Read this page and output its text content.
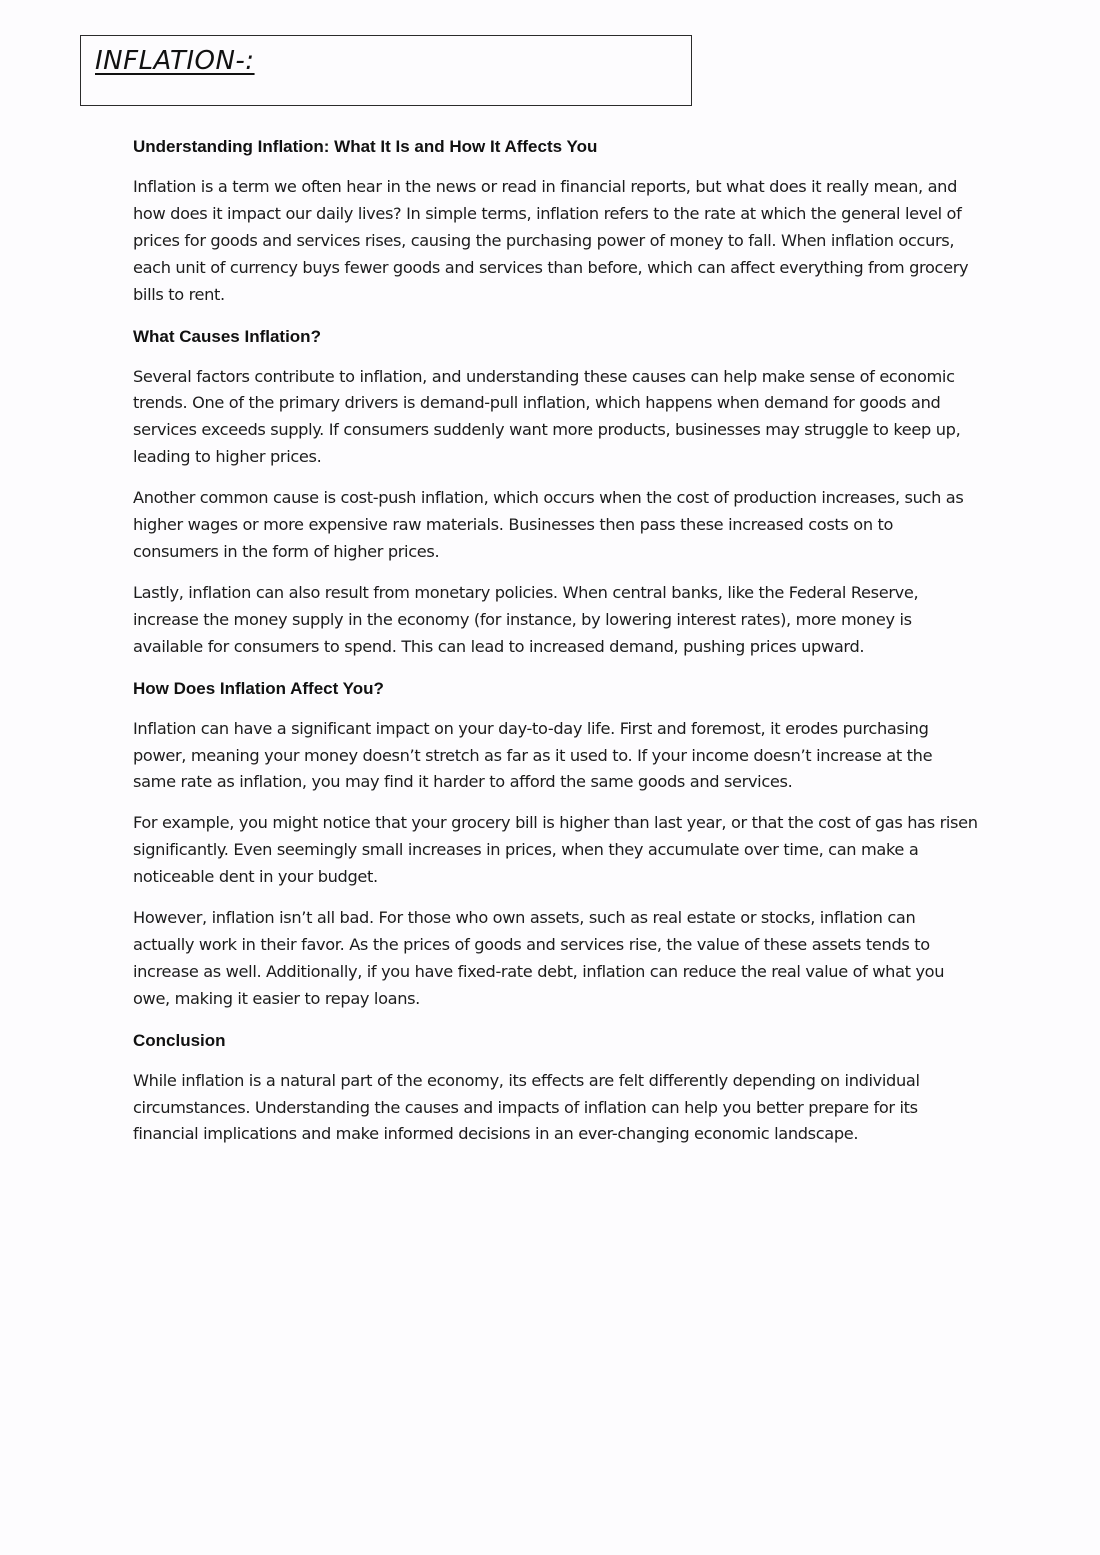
INFLATION-:
Understanding Inflation: What It Is and How It Affects You

Inflation is a term we often hear in the news or read in financial reports, but what does it really mean, and how does it impact our daily lives? In simple terms, inflation refers to the rate at which the general level of prices for goods and services rises, causing the purchasing power of money to fall. When inflation occurs, each unit of currency buys fewer goods and services than before, which can affect everything from grocery bills to rent.

What Causes Inflation?

Several factors contribute to inflation, and understanding these causes can help make sense of economic trends. One of the primary drivers is demand-pull inflation, which happens when demand for goods and services exceeds supply. If consumers suddenly want more products, businesses may struggle to keep up, leading to higher prices.

Another common cause is cost-push inflation, which occurs when the cost of production increases, such as higher wages or more expensive raw materials. Businesses then pass these increased costs on to consumers in the form of higher prices.

Lastly, inflation can also result from monetary policies. When central banks, like the Federal Reserve, increase the money supply in the economy (for instance, by lowering interest rates), more money is available for consumers to spend. This can lead to increased demand, pushing prices upward.

How Does Inflation Affect You?

Inflation can have a significant impact on your day-to-day life. First and foremost, it erodes purchasing power, meaning your money doesn’t stretch as far as it used to. If your income doesn’t increase at the same rate as inflation, you may find it harder to afford the same goods and services.

For example, you might notice that your grocery bill is higher than last year, or that the cost of gas has risen significantly. Even seemingly small increases in prices, when they accumulate over time, can make a noticeable dent in your budget.

However, inflation isn’t all bad. For those who own assets, such as real estate or stocks, inflation can actually work in their favor. As the prices of goods and services rise, the value of these assets tends to increase as well. Additionally, if you have fixed-rate debt, inflation can reduce the real value of what you owe, making it easier to repay loans.

Conclusion

While inflation is a natural part of the economy, its effects are felt differently depending on individual circumstances. Understanding the causes and impacts of inflation can help you better prepare for its financial implications and make informed decisions in an ever-changing economic landscape.
